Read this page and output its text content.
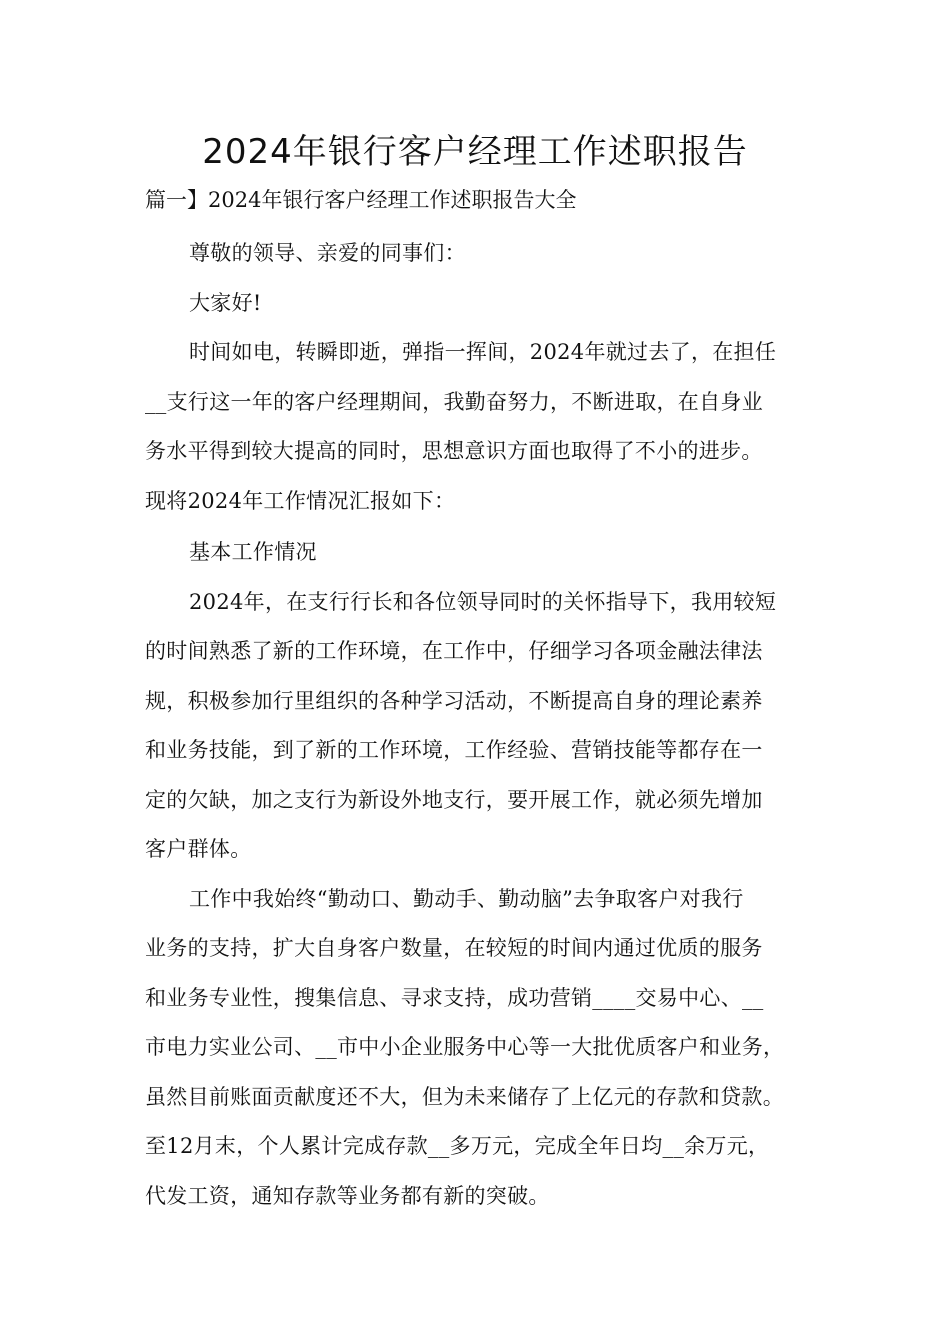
2024年银行客户经理工作述职报告
篇一】2024年银行客户经理工作述职报告大全
尊敬的领导、亲爱的同事们：
大家好!
时间如电，转瞬即逝，弹指一挥间，2024年就过去了，在担任
__支行这一年的客户经理期间，我勤奋努力，不断进取，在自身业
务水平得到较大提高的同时，思想意识方面也取得了不小的进步。
现将2024年工作情况汇报如下：
基本工作情况
2024年，在支行行长和各位领导同时的关怀指导下，我用较短
的时间熟悉了新的工作环境，在工作中，仔细学习各项金融法律法
规，积极参加行里组织的各种学习活动，不断提高自身的理论素养
和业务技能，到了新的工作环境，工作经验、营销技能等都存在一
定的欠缺，加之支行为新设外地支行，要开展工作，就必须先增加
客户群体。
工作中我始终“勤动口、勤动手、勤动脑”去争取客户对我行
业务的支持，扩大自身客户数量，在较短的时间内通过优质的服务
和业务专业性，搜集信息、寻求支持，成功营销____交易中心、__
市电力实业公司、__市中小企业服务中心等一大批优质客户和业务，
虽然目前账面贡献度还不大，但为未来储存了上亿元的存款和贷款。
至12月末，个人累计完成存款__多万元，完成全年日均__余万元，
代发工资，通知存款等业务都有新的突破。
